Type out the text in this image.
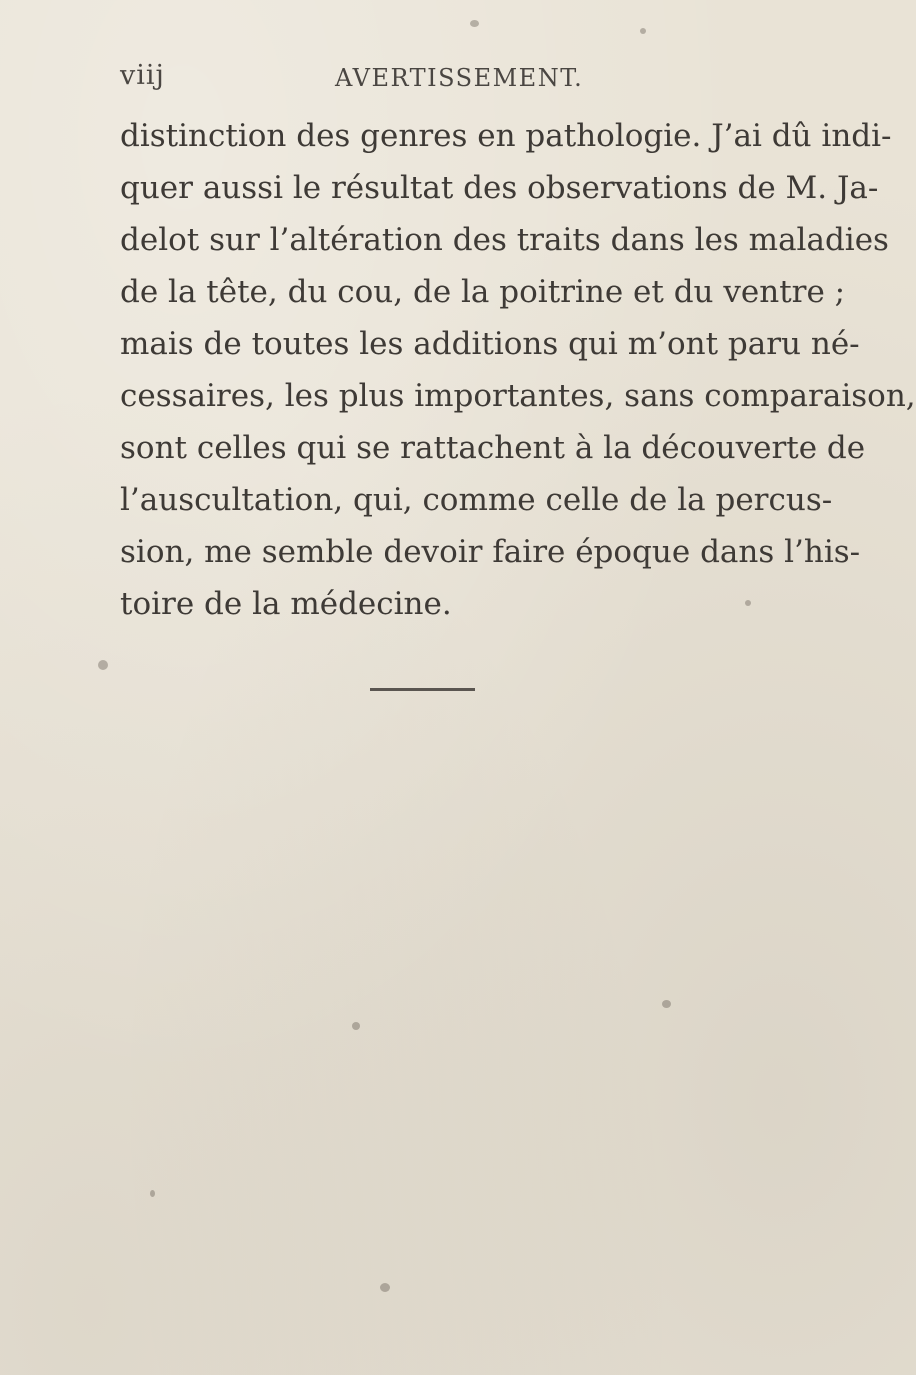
viij	AVERTISSEMENT.
distinction des genres en pathologie. J’ai dû indi-
quer aussi le résultat des observations de M. Ja-
delot sur l’altération des traits dans les maladies
de la tête, du cou, de la poitrine et du ventre ;
mais de toutes les additions qui m’ont paru né-
cessaires, les plus importantes, sans comparaison,
sont celles qui se rattachent à la découverte de
l’auscultation, qui, comme celle de la percus-
sion, me semble devoir faire époque dans l’his-
toire de la médecine.
